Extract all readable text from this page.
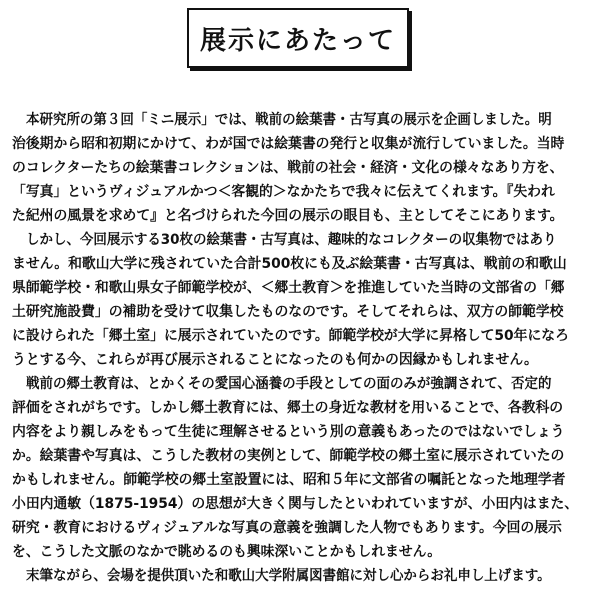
展示にあたって
本研究所の第３回「ミニ展示」では、戦前の絵葉書・古写真の展示を企画しました。明
治後期から昭和初期にかけて、わが国では絵葉書の発行と収集が流行していました。当時
のコレクターたちの絵葉書コレクションは、戦前の社会・経済・文化の様々なあり方を、
「写真」というヴィジュアルかつ＜客観的＞なかたちで我々に伝えてくれます。『失われ
た紀州の風景を求めて』と名づけられた今回の展示の眼目も、主としてそこにあります。
しかし、今回展示する30枚の絵葉書・古写真は、趣味的なコレクターの収集物ではあり
ません。和歌山大学に残されていた合計500枚にも及ぶ絵葉書・古写真は、戦前の和歌山
県師範学校・和歌山県女子師範学校が、＜郷土教育＞を推進していた当時の文部省の「郷
土研究施設費」の補助を受けて収集したものなのです。そしてそれらは、双方の師範学校
に設けられた「郷土室」に展示されていたのです。師範学校が大学に昇格して50年になろ
うとする今、これらが再び展示されることになったのも何かの因縁かもしれません。
戦前の郷土教育は、とかくその愛国心涵養の手段としての面のみが強調されて、否定的
評価をされがちです。しかし郷土教育には、郷土の身近な教材を用いることで、各教科の
内容をより親しみをもって生徒に理解させるという別の意義もあったのではないでしょう
か。絵葉書や写真は、こうした教材の実例として、師範学校の郷土室に展示されていたの
かもしれません。師範学校の郷土室設置には、昭和５年に文部省の嘱託となった地理学者
小田内通敏（1875-1954）の思想が大きく関与したといわれていますが、小田内はまた、
研究・教育におけるヴィジュアルな写真の意義を強調した人物でもあります。今回の展示
を、こうした文脈のなかで眺めるのも興味深いことかもしれません。
末筆ながら、会場を提供頂いた和歌山大学附属図書館に対し心からお礼申し上げます。
